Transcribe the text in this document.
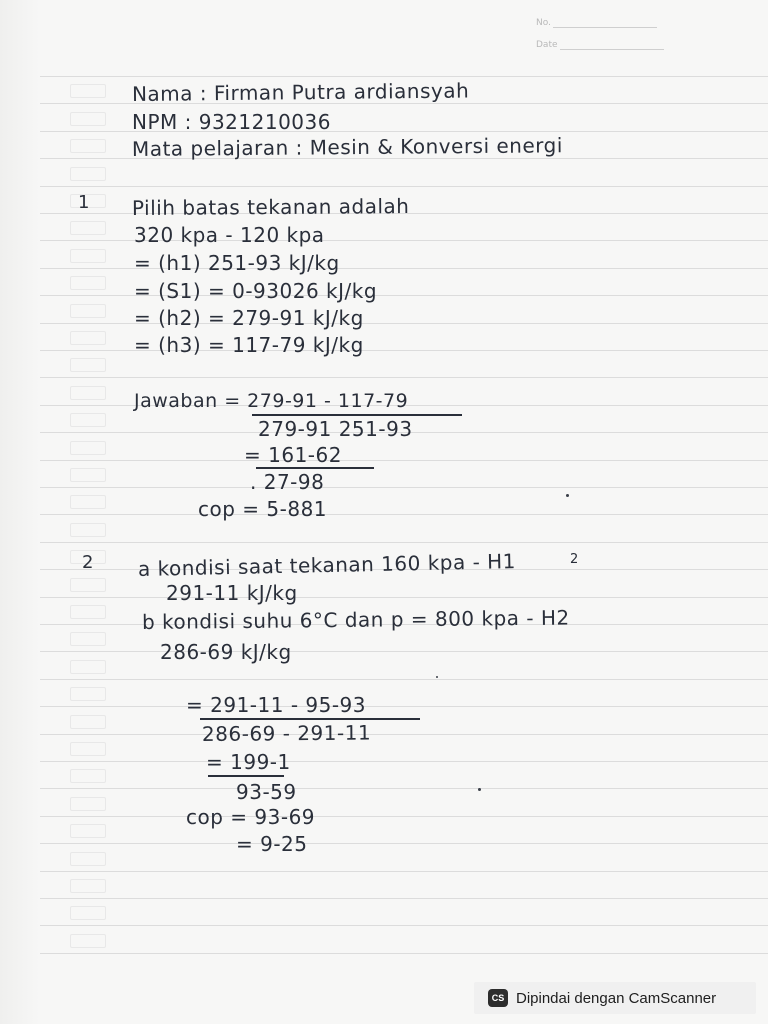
No.
Date
Nama : Firman Putra ardiansyah
NPM : 9321210036
Mata pelajaran : Mesin & Konversi energi
1 Pilih batas tekanan adalah
320 kpa - 120 kpa
= (h1) 251-93 kJ/kg
= (S1) = 0-93026 kJ/kg
= (h2) = 279-91 kJ/kg
= (h3) = 117-79 kJ/kg
Jawaban = 279-91 - 117-79
279-91 251-93
= 161-62
. 27-98
cop = 5-881
2 a kondisi saat tekanan 160 kpa - H1	2
291-11 kJ/kg
b kondisi suhu 6°C dan p = 800 kpa - H2
286-69 kJ/kg
= 291-11 - 95-93
286-69 - 291-11
= 199-1
93-59
cop = 93-69
= 9-25
CS Dipindai dengan CamScanner
